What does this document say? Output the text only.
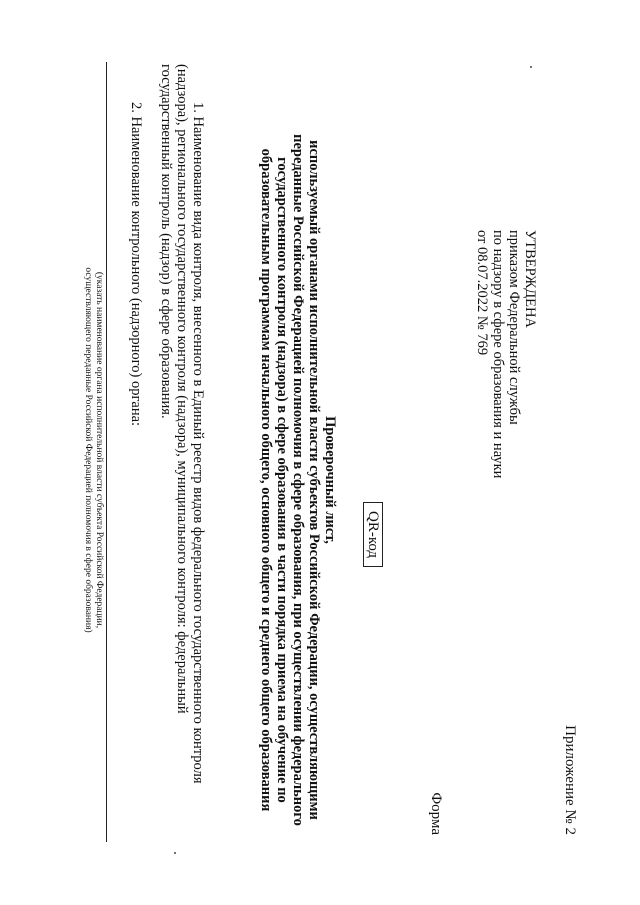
Приложение № 2
УТВЕРЖДЕНА
приказом Федеральной службы
по надзору в сфере образования и науки
от 08.07.2022 № 769
Форма
QR-код
Проверочный лист,
используемый органами исполнительной власти субъектов Российской Федерации, осуществляющими
переданные Российской Федерацией полномочия в сфере образования, при осуществлении федерального
государственного контроля (надзора) в сфере образования в части порядка приема на обучение по
образовательным программам начального общего, основного общего и среднего общего образования
1. Наименование вида контроля, внесенного в Единый реестр видов федерального государственного контроля
(надзора), регионального государственного контроля (надзора), муниципального контроля: федеральный
государственный контроль (надзор) в сфере образования.
2. Наименование контрольного (надзорного) органа:
(указать наименование органа исполнительной власти субъекта Российской Федерации,
осуществляющего переданные Российской Федерацией полномочия в сфере образования)
